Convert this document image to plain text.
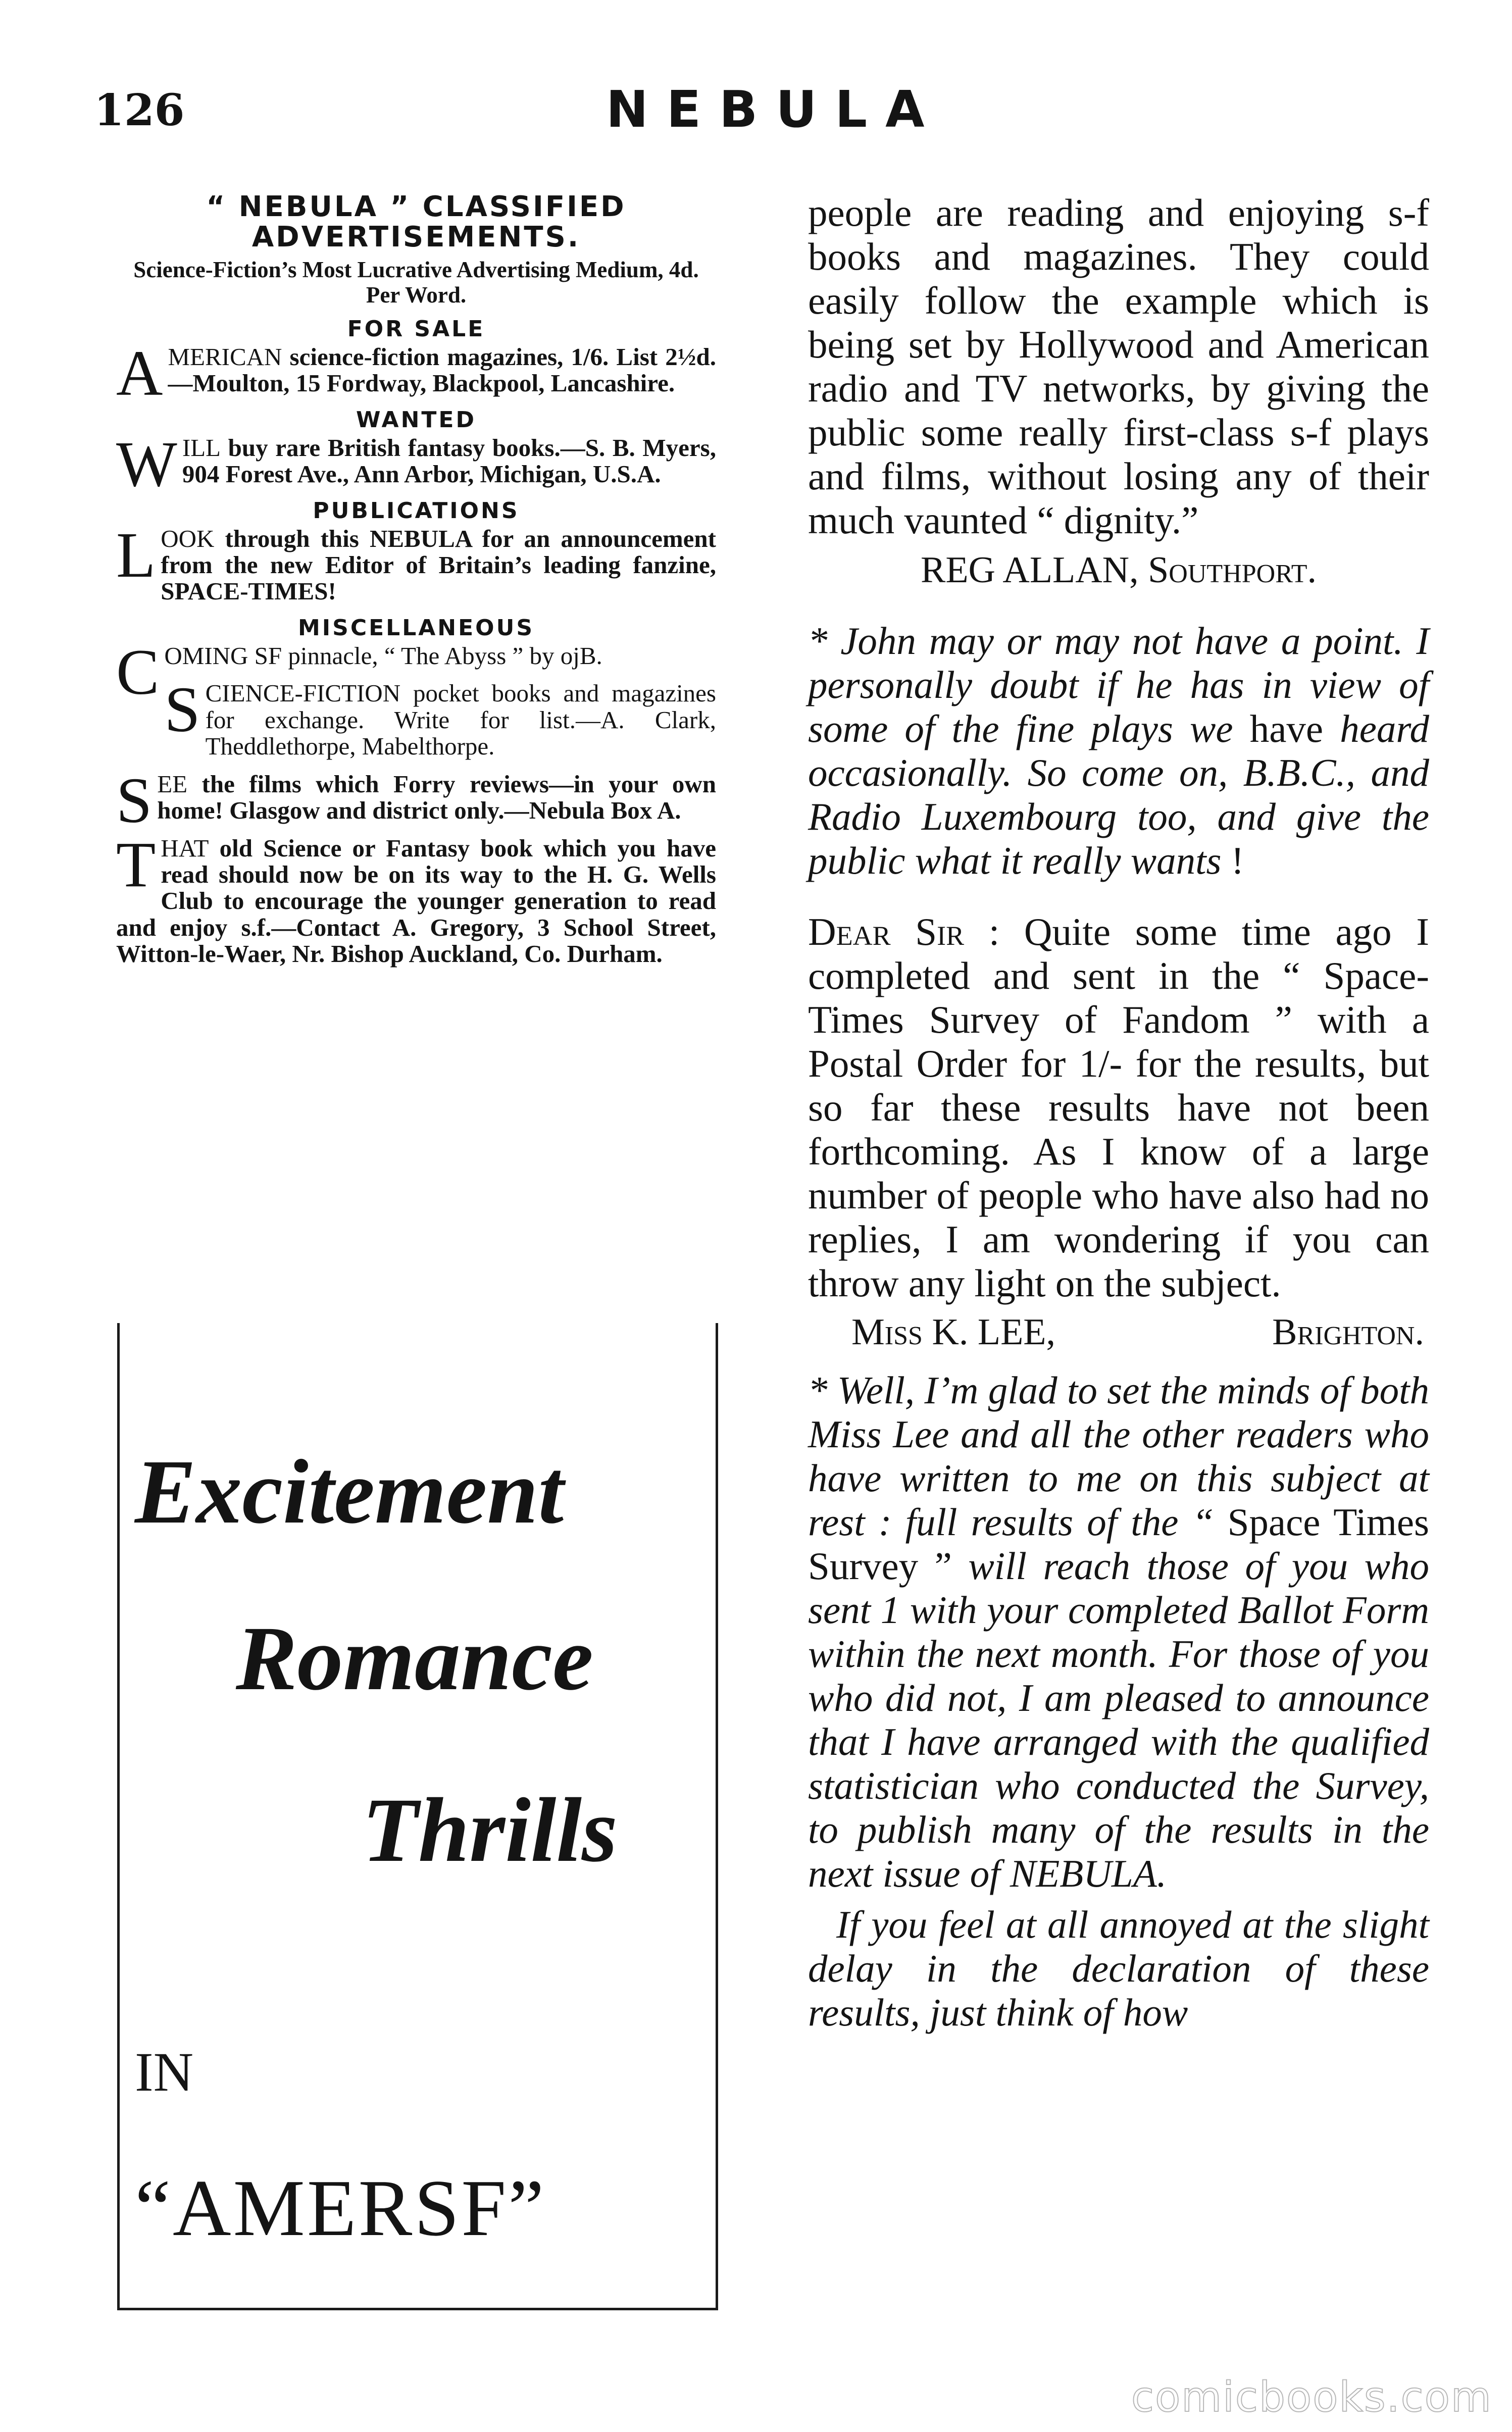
126	NEBULA
“ NEBULA ” CLASSIFIED
ADVERTISEMENTS.
Science-Fiction’s Most Lucrative Advertising Medium, 4d. Per Word.
FOR SALE
AMERICAN science-fiction magazines, 1/6. List 2½d.—Moulton, 15 Fordway, Blackpool, Lancashire.
WANTED
WILL buy rare British fantasy books.—S. B. Myers, 904 Forest Ave., Ann Arbor, Michigan, U.S.A.
PUBLICATIONS
LOOK through this NEBULA for an announcement from the new Editor of Britain’s leading fanzine, SPACE-TIMES!
MISCELLANEOUS
COMING SF pinnacle, “ The Abyss ” by ojB.
SCIENCE-FICTION pocket books and magazines for exchange. Write for list.—A. Clark, Theddlethorpe, Mabelthorpe.
SEE the films which Forry reviews—in your own home! Glasgow and district only.—Nebula Box A.
THAT old Science or Fantasy book which you have read should now be on its way to the H. G. Wells Club to encourage the younger generation to read and enjoy s.f.—Contact A. Gregory, 3 School Street, Witton-le-Waer, Nr. Bishop Auckland, Co. Durham.
Excitement
Romance
Thrills
IN
“AMERSF”

people are reading and enjoying s-f books and magazines. They could easily follow the example which is being set by Hollywood and American radio and TV networks, by giving the public some really first-class s-f plays and films, without losing any of their much vaunted “ dignity.”

REG ALLAN, Southport.

* John may or may not have a point. I personally doubt if he has in view of some of the fine plays we have heard occasionally. So come on, B.B.C., and Radio Luxembourg too, and give the public what it really wants !

Dear Sir : Quite some time ago I completed and sent in the “ Space-Times Survey of Fandom ” with a Postal Order for 1/- for the results, but so far these results have not been forthcoming. As I know of a large number of people who have also had no replies, I am wondering if you can throw any light on the subject.

Miss K. LEE,	Brighton.

* Well, I’m glad to set the minds of both Miss Lee and all the other readers who have written to me on this subject at rest : full results of the “ Space Times Survey ” will reach those of you who sent 1 with your completed Ballot Form within the next month. For those of you who did not, I am pleased to announce that I have arranged with the qualified statistician who conducted the Survey, to publish many of the results in the next issue of NEBULA.

If you feel at all annoyed at the slight delay in the declaration of these results, just think of how

comicbooks.com
